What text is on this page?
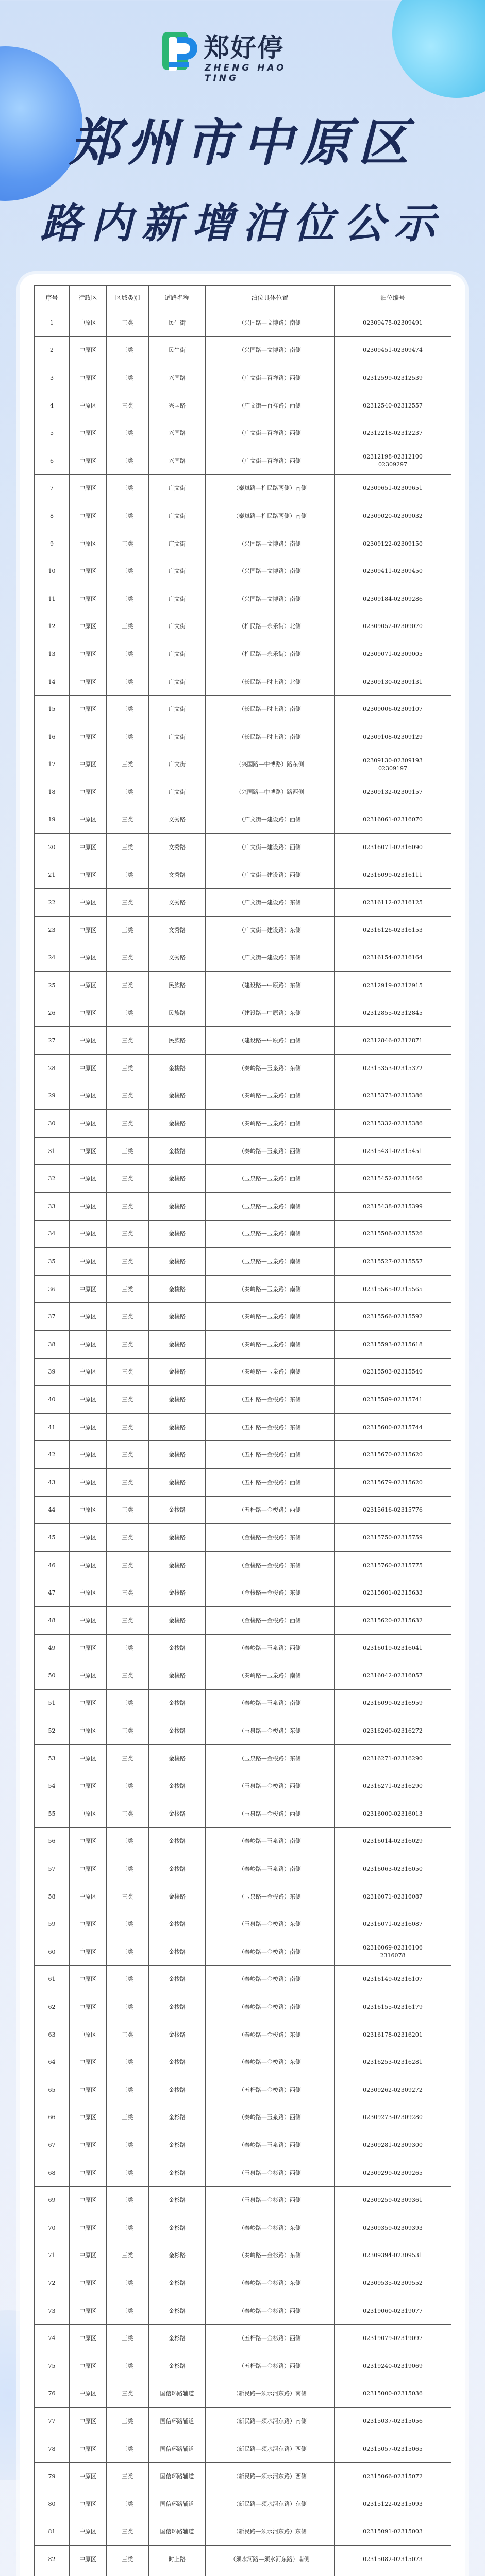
郑好停
ZHENG HAO TING
郑州市中原区
路内新增泊位公示
序号	行政区	区域类别	道路名称	泊位具体位置	泊位编号
1	中原区	三类	民生街	（兴国路—文博路）南侧	02309475-02309491
2	中原区	三类	民生街	（兴国路—文博路）南侧	02309451-02309474
3	中原区	三类	兴国路	（广文街—百祥路）西侧	02312599-02312539
4	中原区	三类	兴国路	（广文街—百祥路）西侧	02312540-02312557
5	中原区	三类	兴国路	（广文街—百祥路）西侧	02312218-02312237
6	中原区	三类	兴国路	（广文街—百祥路）西侧	02312198-02312100
02309297
7	中原区	三类	广文街	（秦岚路—杵民路两侧）南侧	02309651-02309651
8	中原区	三类	广文街	（秦岚路—杵民路两侧）南侧	02309020-02309032
9	中原区	三类	广文街	（兴国路—文博路）南侧	02309122-02309150
10	中原区	三类	广文街	（兴国路—文博路）南侧	02309411-02309450
11	中原区	三类	广文街	（兴国路—文博路）南侧	02309184-02309286
12	中原区	三类	广文街	（杵民路—永乐街）北侧	02309052-02309070
13	中原区	三类	广文街	（杵民路—永乐街）南侧	02309071-02309005
14	中原区	三类	广文街	（长民路—时上路）北侧	02309130-02309131
15	中原区	三类	广文街	（长民路—时上路）南侧	02309006-02309107
16	中原区	三类	广文街	（长民路—时上路）南侧	02309108-02309129
17	中原区	三类	广文街	（兴国路—中博路）路东侧	02309130-02309193
02309197
18	中原区	三类	广文街	（兴国路—中博路）路西侧	02309132-02309157
19	中原区	三类	文秀路	（广文街—建设路）西侧	02316061-02316070
20	中原区	三类	文秀路	（广文街—建设路）西侧	02316071-02316090
21	中原区	三类	文秀路	（广文街—建设路）西侧	02316099-02316111
22	中原区	三类	文秀路	（广文街—建设路）东侧	02316112-02316125
23	中原区	三类	文秀路	（广文街—建设路）东侧	02316126-02316153
24	中原区	三类	文秀路	（广文街—建设路）东侧	02316154-02316164
25	中原区	三类	民族路	（建设路—中原路）东侧	02312919-02312915
26	中原区	三类	民族路	（建设路—中原路）东侧	02312855-02312845
27	中原区	三类	民族路	（建设路—中原路）西侧	02312846-02312871
28	中原区	三类	金梭路	（秦岭路—玉泉路）东侧	02315353-02315372
29	中原区	三类	金梭路	（秦岭路—玉泉路）西侧	02315373-02315386
30	中原区	三类	金梭路	（秦岭路—玉泉路）西侧	02315332-02315386
31	中原区	三类	金梭路	（秦岭路—玉泉路）西侧	02315431-02315451
32	中原区	三类	金梭路	（玉泉路—玉泉路）西侧	02315452-02315466
33	中原区	三类	金梭路	（玉泉路—玉泉路）南侧	02315438-02315399
34	中原区	三类	金梭路	（玉泉路—玉泉路）南侧	02315506-02315526
35	中原区	三类	金梭路	（玉泉路—玉泉路）南侧	02315527-02315557
36	中原区	三类	金梭路	（秦岭路—玉泉路）南侧	02315565-02315565
37	中原区	三类	金梭路	（秦岭路—玉泉路）南侧	02315566-02315592
38	中原区	三类	金梭路	（秦岭路—玉泉路）南侧	02315593-02315618
39	中原区	三类	金梭路	（秦岭路—玉泉路）南侧	02315503-02315540
40	中原区	三类	金梭路	（五杆路—金梭路）东侧	02315589-02315741
41	中原区	三类	金梭路	（五杆路—金梭路）东侧	02315600-02315744
42	中原区	三类	金梭路	（五杆路—金梭路）西侧	02315670-02315620
43	中原区	三类	金梭路	（五杆路—金梭路）西侧	02315679-02315620
44	中原区	三类	金梭路	（五杆路—金梭路）西侧	02315616-02315776
45	中原区	三类	金梭路	（金梭路—金梭路）东侧	02315750-02315759
46	中原区	三类	金梭路	（金梭路—金梭路）东侧	02315760-02315775
47	中原区	三类	金梭路	（金梭路—金梭路）东侧	02315601-02315633
48	中原区	三类	金梭路	（金梭路—金梭路）西侧	02315620-02315632
49	中原区	三类	金梭路	（秦岭路—玉泉路）西侧	02316019-02316041
50	中原区	三类	金梭路	（秦岭路—玉泉路）南侧	02316042-02316057
51	中原区	三类	金梭路	（秦岭路—玉泉路）南侧	02316099-02316959
52	中原区	三类	金梭路	（玉泉路—金梭路）东侧	02316260-02316272
53	中原区	三类	金梭路	（玉泉路—金梭路）东侧	02316271-02316290
54	中原区	三类	金梭路	（玉泉路—金梭路）西侧	02316271-02316290
55	中原区	三类	金梭路	（玉泉路—金梭路）西侧	02316000-02316013
56	中原区	三类	金梭路	（秦岭路—玉泉路）南侧	02316014-02316029
57	中原区	三类	金梭路	（秦岭路—玉泉路）南侧	02316063-02316050
58	中原区	三类	金梭路	（玉泉路—金梭路）东侧	02316071-02316087
59	中原区	三类	金梭路	（玉泉路—金梭路）东侧	02316071-02316087
60	中原区	三类	金梭路	（秦岭路—金梭路）南侧	02316069-02316106
2316078
61	中原区	三类	金梭路	（秦岭路—金梭路）南侧	02316149-02316107
62	中原区	三类	金梭路	（秦岭路—金梭路）南侧	02316155-02316179
63	中原区	三类	金梭路	（秦岭路—金梭路）东侧	02316178-02316201
64	中原区	三类	金梭路	（秦岭路—金梭路）东侧	02316253-02316281
65	中原区	三类	金梭路	（五杆路—金梭路）西侧	02309262-02309272
66	中原区	三类	金杉路	（秦岭路—玉泉路）西侧	02309273-02309280
67	中原区	三类	金杉路	（秦岭路—玉泉路）西侧	02309281-02309300
68	中原区	三类	金杉路	（玉泉路—金杉路）西侧	02309299-02309265
69	中原区	三类	金杉路	（玉泉路—金杉路）西侧	02309259-02309361
70	中原区	三类	金杉路	（秦岭路—金杉路）东侧	02309359-02309393
71	中原区	三类	金杉路	（秦岭路—金杉路）东侧	02309394-02309531
72	中原区	三类	金杉路	（秦岭路—金杉路）东侧	02309535-02309552
73	中原区	三类	金杉路	（秦岭路—金杉路）西侧	02319060-02319077
74	中原区	三类	金杉路	（五杆路—金杉路）西侧	02319079-02319097
75	中原区	三类	金杉路	（五杆路—金杉路）西侧	02319240-02319069
76	中原区	三类	国信环路辅道	（新民路—须水河东路）南侧	02315000-02315036
77	中原区	三类	国信环路辅道	（新民路—须水河东路）南侧	02315037-02315056
78	中原区	三类	国信环路辅道	（新民路—须水河东路）西侧	02315057-02315065
79	中原区	三类	国信环路辅道	（新民路—须水河东路）西侧	02315066-02315072
80	中原区	三类	国信环路辅道	（新民路—须水河东路）东侧	02315122-02315093
81	中原区	三类	国信环路辅道	（新民路—须水河东路）东侧	02315091-02315003
82	中原区	三类	时上路	（须水河路—须水河东路）南侧	02315082-02315073
